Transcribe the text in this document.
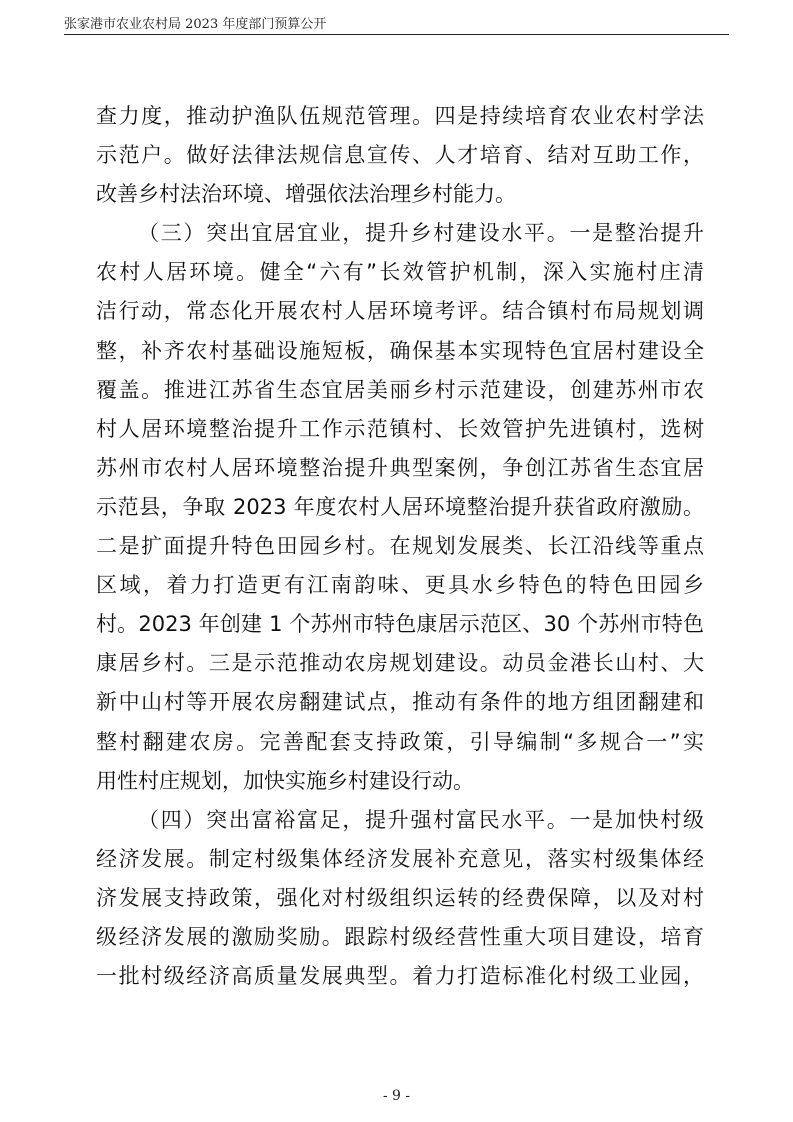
张家港市农业农村局 2023 年度部门预算公开
查力度，推动护渔队伍规范管理。四是持续培育农业农村学法
示范户。做好法律法规信息宣传、人才培育、结对互助工作，
改善乡村法治环境、增强依法治理乡村能力。
（三）突出宜居宜业，提升乡村建设水平。一是整治提升
农村人居环境。健全“六有”长效管护机制，深入实施村庄清
洁行动，常态化开展农村人居环境考评。结合镇村布局规划调
整，补齐农村基础设施短板，确保基本实现特色宜居村建设全
覆盖。推进江苏省生态宜居美丽乡村示范建设，创建苏州市农
村人居环境整治提升工作示范镇村、长效管护先进镇村，选树
苏州市农村人居环境整治提升典型案例，争创江苏省生态宜居
示范县，争取 2023 年度农村人居环境整治提升获省政府激励。
二是扩面提升特色田园乡村。在规划发展类、长江沿线等重点
区域，着力打造更有江南韵味、更具水乡特色的特色田园乡
村。2023 年创建 1 个苏州市特色康居示范区、30 个苏州市特色
康居乡村。三是示范推动农房规划建设。动员金港长山村、大
新中山村等开展农房翻建试点，推动有条件的地方组团翻建和
整村翻建农房。完善配套支持政策，引导编制“多规合一”实
用性村庄规划，加快实施乡村建设行动。
（四）突出富裕富足，提升强村富民水平。一是加快村级
经济发展。制定村级集体经济发展补充意见，落实村级集体经
济发展支持政策，强化对村级组织运转的经费保障，以及对村
级经济发展的激励奖励。跟踪村级经营性重大项目建设，培育
一批村级经济高质量发展典型。着力打造标准化村级工业园，
- 9 -
